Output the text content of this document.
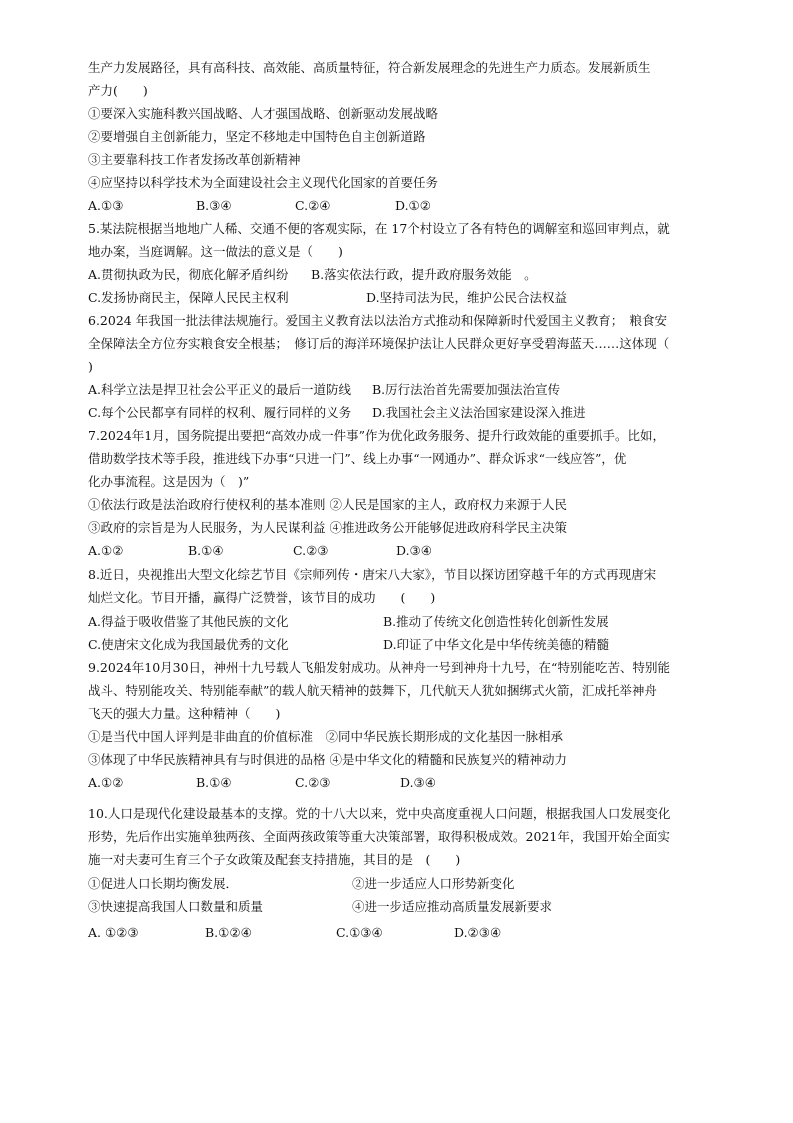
生产力发展路径，具有高科技、高效能、高质量特征，符合新发展理念的先进生产力质态。发展新质生
产力(　　)
①要深入实施科教兴国战略、人才强国战略、创新驱动发展战略
②要增强自主创新能力，坚定不移地走中国特色自主创新道路
③主要靠科技工作者发扬改革创新精神
④应坚持以科学技术为全面建设社会主义现代化国家的首要任务
A.①③	B.③④	C.②④	D.①②
5.某法院根据当地地广人稀、交通不便的客观实际，在 17个村设立了各有特色的调解室和巡回审判点，就
地办案，当庭调解。这一做法的意义是（　　)
A.贯彻执政为民，彻底化解矛盾纠纷 B.落实依法行政，提升政府服务效能　。
C.发扬协商民主，保障人民民主权利	D.坚持司法为民，维护公民合法权益
6.2024 年我国一批法律法规施行。爱国主义教育法以法治方式推动和保障新时代爱国主义教育；　粮食安
全保障法全方位夯实粮食安全根基；　修订后的海洋环境保护法让人民群众更好享受碧海蓝天……这体现（
)
A.科学立法是捍卫社会公平正义的最后一道防线 B.厉行法治首先需要加强法治宣传
C.每个公民都享有同样的权利、履行同样的义务 D.我国社会主义法治国家建设深入推进
7.2024年1月，国务院提出要把“高效办成一件事”作为优化政务服务、提升行政效能的重要抓手。比如，
借助数学技术等手段，推进线下办事“只进一门”、线上办事“一网通办”、群众诉求“一线应答”，优
化办事流程。这是因为（　)”
①依法行政是法治政府行使权利的基本准则 ②人民是国家的主人，政府权力来源于人民
③政府的宗旨是为人民服务，为人民谋利益 ④推进政务公开能够促进政府科学民主决策
A.①②	B.①④	C.②③	D.③④
8.近日，央视推出大型文化综艺节目《宗师列传・唐宋八大家》，节目以探访团穿越千年的方式再现唐宋
灿烂文化。节目开播，赢得广泛赞誉，该节目的成功　　(　　)
A.得益于吸收借鉴了其他民族的文化	B.推动了传统文化创造性转化创新性发展
C.使唐宋文化成为我国最优秀的文化	D.印证了中华文化是中华传统美德的精髓
9.2024年10月30日，神州十九号载人飞船发射成功。从神舟一号到神舟十九号，在“特别能吃苦、特别能
战斗、特别能攻关、特别能奉献”的载人航天精神的鼓舞下，几代航天人犹如捆绑式火箭，汇成托举神舟
飞天的强大力量。这种精神（　　)
①是当代中国人评判是非曲直的价值标准　②同中华民族长期形成的文化基因一脉相承
③体现了中华民族精神具有与时俱进的品格 ④是中华文化的精髓和民族复兴的精神动力
A.①②	B.①④	C.②③	D.③④
10.人口是现代化建设最基本的支撑。党的十八大以来，党中央高度重视人口问题，根据我国人口发展变化
形势，先后作出实施单独两孩、全面两孩政策等重大决策部署，取得积极成效。2021年，我国开始全面实
施一对夫妻可生育三个子女政策及配套支持措施，其目的是　(　　)
①促进人口长期均衡发展．	②进一步适应人口形势新变化
③快速提高我国人口数量和质量	④进一步适应推动高质量发展新要求
A. ①②③	B.①②④	C.①③④	D.②③④
